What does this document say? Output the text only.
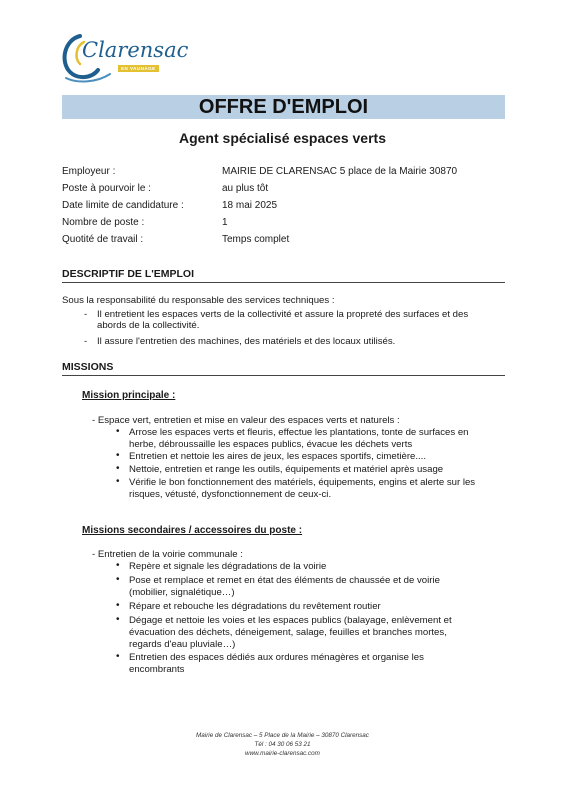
Clarensac
EN VAUNAGE
OFFRE D'EMPLOI
Agent spécialisé espaces verts
Employeur :	MAIRIE DE CLARENSAC 5 place de la Mairie 30870
Poste à pourvoir le :	au plus tôt
Date limite de candidature :	18 mai 2025
Nombre de poste :	1
Quotité de travail :	Temps complet
DESCRIPTIF DE L'EMPLOI
Sous la responsabilité du responsable des services techniques :
- Il entretient les espaces verts de la collectivité et assure la propreté des surfaces et des
abords de la collectivité.
- Il assure l'entretien des machines, des matériels et des locaux utilisés.
MISSIONS
Mission principale :
- Espace vert, entretien et mise en valeur des espaces verts et naturels :
• Arrose les espaces verts et fleuris, effectue les plantations, tonte de surfaces en
herbe, débroussaille les espaces publics, évacue les déchets verts
• Entretien et nettoie les aires de jeux, les espaces sportifs, cimetière....
• Nettoie, entretien et range les outils, équipements et matériel après usage
• Vérifie le bon fonctionnement des matériels, équipements, engins et alerte sur les
risques, vétusté, dysfonctionnement de ceux-ci.
Missions secondaires / accessoires du poste :
- Entretien de la voirie communale :
• Repère et signale les dégradations de la voirie
• Pose et remplace et remet en état des éléments de chaussée et de voirie
(mobilier, signalétique…)
• Répare et rebouche les dégradations du revêtement routier
• Dégage et nettoie les voies et les espaces publics (balayage, enlèvement et
évacuation des déchets, déneigement, salage, feuilles et branches mortes,
regards d'eau pluviale…)
• Entretien des espaces dédiés aux ordures ménagères et organise les
encombrants
Mairie de Clarensac – 5 Place de la Mairie – 30870 Clarensac
Tél : 04 30 06 53 21
www.mairie-clarensac.com
